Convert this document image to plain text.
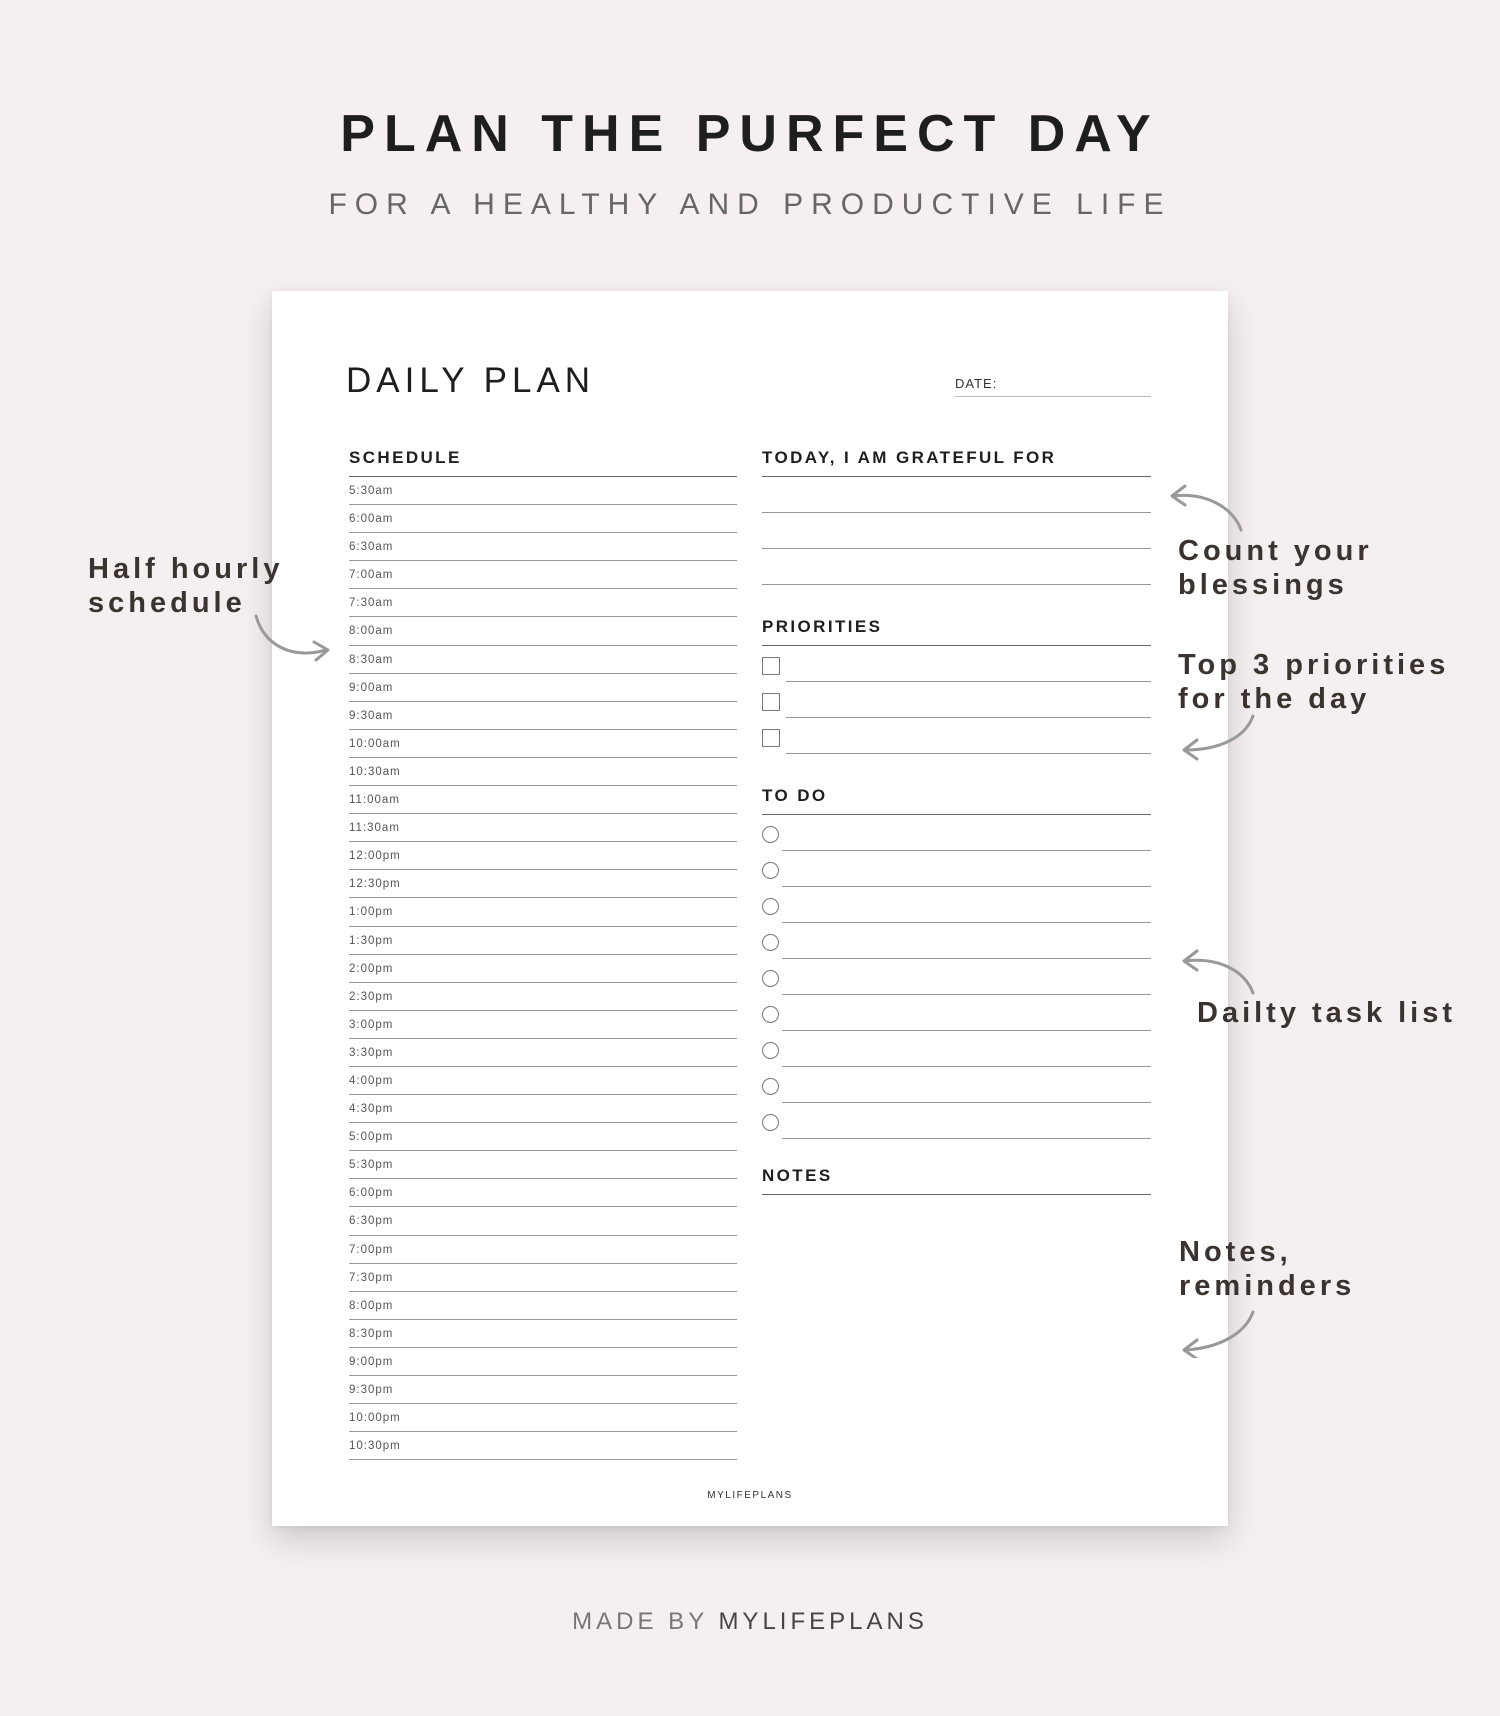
PLAN THE PURFECT DAY
FOR A HEALTHY AND PRODUCTIVE LIFE
DAILY PLAN	DATE:
SCHEDULE
5:30am
6:00am
6:30am
7:00am
7:30am
8:00am
8:30am
9:00am
9:30am
10:00am
10:30am
11:00am
11:30am
12:00pm
12:30pm
1:00pm
1:30pm
2:00pm
2:30pm
3:00pm
3:30pm
4:00pm
4:30pm
5:00pm
5:30pm
6:00pm
6:30pm
7:00pm
7:30pm
8:00pm
8:30pm
9:00pm
9:30pm
10:00pm
10:30pm
TODAY, I AM GRATEFUL FOR
PRIORITIES
TO DO
NOTES
MYLIFEPLANS
Half hourly
schedule
Count your
blessings
Top 3 priorities
for the day
Dailty task list
Notes,
reminders
MADE BY MYLIFEPLANS
